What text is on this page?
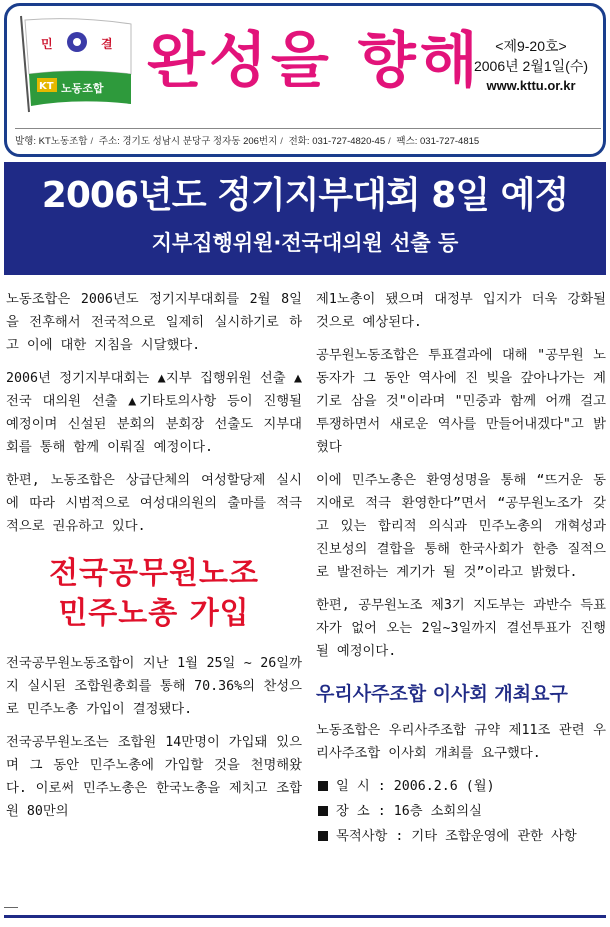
민	결
KT 노동조합 완성을 향해 <제9-20호>
2006년 2월1일(수)
www.kttu.or.kr
발행: KT노동조합 / 주소: 경기도 성남시 분당구 정자동 206번지 / 전화: 031-727-4820-45 / 팩스: 031-727-4815
2006년도 정기지부대회 8일 예정
지부집행위원·전국대의원 선출 등

노동조합은 2006년도 정기지부대회를 2월 8일을 전후해서 전국적으로 일제히 실시하기로 하고 이에 대한 지침을 시달했다.

2006년 정기지부대회는 ▲지부 집행위원 선출 ▲전국 대의원 선출 ▲기타토의사항 등이 진행될 예정이며 신설된 분회의 분회장 선출도 지부대회를 통해 함께 이뤄질 예정이다.

한편, 노동조합은 상급단체의 여성할당제 실시에 따라 시범적으로 여성대의원의 출마를 적극적으로 권유하고 있다.

전국공무원노조
민주노총 가입

전국공무원노동조합이 지난 1월 25일 ~ 26일까지 실시된 조합원총회를 통해 70.36%의 찬성으로 민주노총 가입이 결정됐다.

전국공무원노조는 조합원 14만명이 가입돼 있으며 그 동안 민주노총에 가입할 것을 천명해왔다. 이로써 민주노총은 한국노총을 제치고 조합원 80만의

제1노총이 됐으며 대정부 입지가 더욱 강화될 것으로 예상된다.

공무원노동조합은 투표결과에 대해 "공무원 노동자가 그 동안 역사에 진 빚을 갚아나가는 계기로 삼을 것"이라며 "민중과 함께 어깨 걸고 투쟁하면서 새로운 역사를 만들어내겠다"고 밝혔다

이에 민주노총은 환영성명을 통해 “뜨거운 동지애로 적극 환영한다”면서 “공무원노조가 갖고 있는 합리적 의식과 민주노총의 개혁성과 진보성의 결합을 통해 한국사회가 한층 질적으로 발전하는 계기가 될 것”이라고 밝혔다.

한편, 공무원노조 제3기 지도부는 과반수 득표자가 없어 오는 2일~3일까지 결선투표가 진행될 예정이다.

우리사주조합 이사회 개최요구

노동조합은 우리사주조합 규약 제11조 관련 우리사주조합 이사회 개최를 요구했다.

일 시 : 2006.2.6 (월)
장 소 : 16층 소회의실
목적사항 : 기타 조합운영에 관한 사항
